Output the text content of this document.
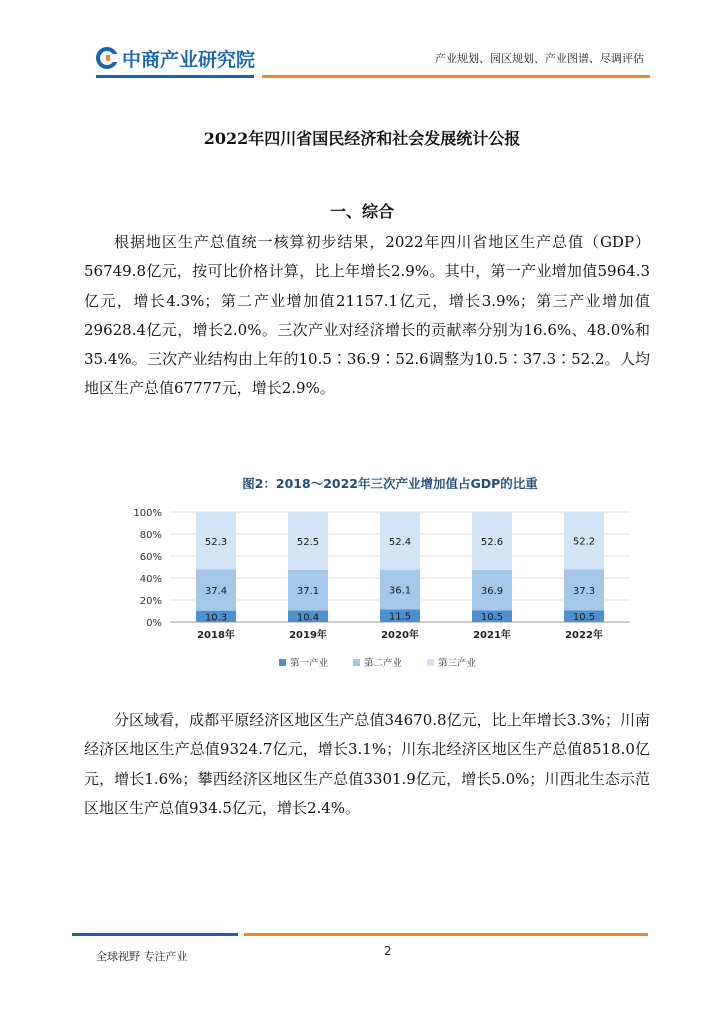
中商产业研究院	产业规划、园区规划、产业图谱、尽调评估
2022年四川省国民经济和社会发展统计公报
一、综合

根据地区生产总值统一核算初步结果，2022年四川省地区生产总值（GDP）56749.8亿元，按可比价格计算，比上年增长2.9%。其中，第一产业增加值5964.3亿元，增长4.3%；第二产业增加值21157.1亿元，增长3.9%；第三产业增加值29628.4亿元，增长2.0%。三次产业对经济增长的贡献率分别为16.6%、48.0%和35.4%。三次产业结构由上年的10.5∶36.9∶52.6调整为10.5∶37.3∶52.2。人均地区生产总值67777元，增长2.9%。

图2：2018～2022年三次产业增加值占GDP的比重
0%
20%
40%
60%
80%
100%
10.3
37.4
52.3
2018年
10.4
37.1
52.5
2019年
11.5
36.1
52.4
2020年
10.5
36.9
52.6
2021年
10.5
37.3
52.2
2022年
第一产业	第二产业	第三产业

分区域看，成都平原经济区地区生产总值34670.8亿元，比上年增长3.3%；川南经济区地区生产总值9324.7亿元，增长3.1%；川东北经济区地区生产总值8518.0亿元，增长1.6%；攀西经济区地区生产总值3301.9亿元，增长5.0%；川西北生态示范区地区生产总值934.5亿元，增长2.4%。

全球视野 专注产业	2
